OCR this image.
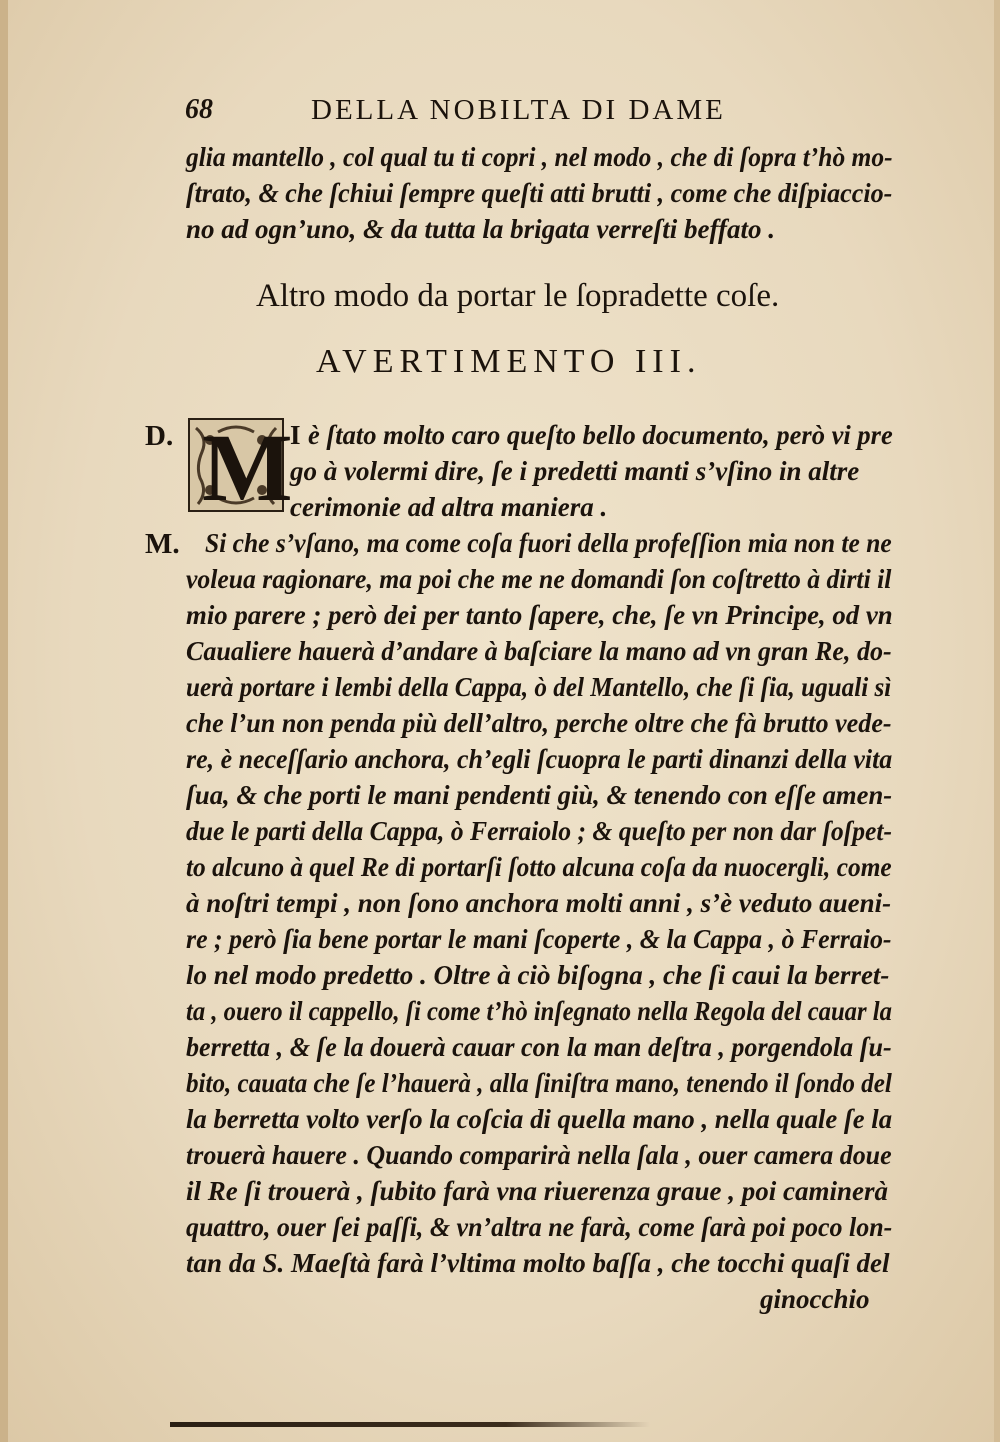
68	DELLA NOBILTA DI DAME
glia mantello , col qual tu ti copri , nel modo , che di ſopra t’hò mo-
ſtrato, & che ſchiui ſempre queſti atti brutti , come che diſpiaccio-
no ad ogn’uno, & da tutta la brigata verreſti beffato .
Altro modo da portar le ſopradette coſe.
AVERTIMENTO III.
D. M
I è ſtato molto caro queſto bello documento, però vi pre
go à volermi dire, ſe i predetti manti s’vſino in altre
cerimonie ad altra maniera .
M. Si che s’vſano, ma come coſa fuori della profeſſion mia non te ne
voleua ragionare, ma poi che me ne domandi ſon coſtretto à dirti il
mio parere ; però dei per tanto ſapere, che, ſe vn Principe, od vn
Caualiere hauerà d’andare à baſciare la mano ad vn gran Re, do-
uerà portare i lembi della Cappa, ò del Mantello, che ſi ſia, uguali sì
che l’un non penda più dell’altro, perche oltre che fà brutto vede-
re, è neceſſario anchora, ch’egli ſcuopra le parti dinanzi della vita
ſua, & che porti le mani pendenti giù, & tenendo con eſſe amen-
due le parti della Cappa, ò Ferraiolo ; & queſto per non dar ſoſpet-
to alcuno à quel Re di portarſi ſotto alcuna coſa da nuocergli, come
à noſtri tempi , non ſono anchora molti anni , s’è veduto aueni-
re ; però ſia bene portar le mani ſcoperte , & la Cappa , ò Ferraio-
lo nel modo predetto . Oltre à ciò biſogna , che ſi caui la berret-
ta , ouero il cappello, ſi come t’hò inſegnato nella Regola del cauar la
berretta , & ſe la douerà cauar con la man deſtra , porgendola ſu-
bito, cauata che ſe l’hauerà , alla ſiniſtra mano, tenendo il ſondo del
la berretta volto verſo la coſcia di quella mano , nella quale ſe la
trouerà hauere . Quando comparirà nella ſala , ouer camera doue
il Re ſi trouerà , ſubito farà vna riuerenza graue , poi caminerà
quattro, ouer ſei paſſi, & vn’altra ne farà, come ſarà poi poco lon-
tan da S. Maeſtà farà l’vltima molto baſſa , che tocchi quaſi del
ginocchio
